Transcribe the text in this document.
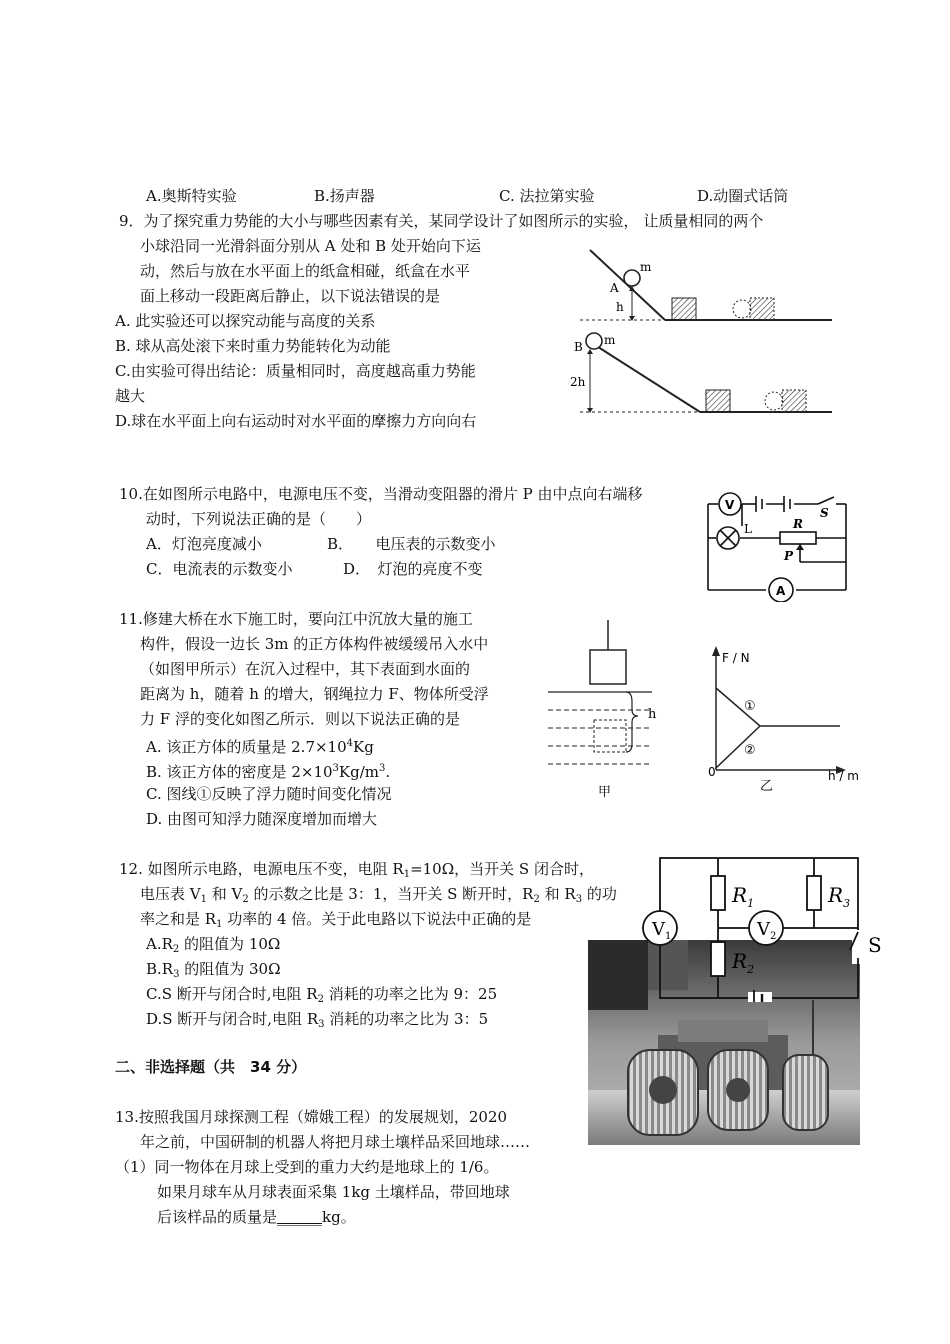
A.奥斯特实验	B.扬声器	C. 法拉第实验	D.动圈式话筒
9．为了探究重力势能的大小与哪些因素有关，某同学设计了如图所示的实验， 让质量相同的两个
小球沿同一光滑斜面分别从 A 处和 B 处开始向下运
动，然后与放在水平面上的纸盒相碰，纸盒在水平
面上移动一段距离后静止，以下说法错误的是
A. 此实验还可以探究动能与高度的关系
B. 球从高处滚下来时重力势能转化为动能
C.由实验可得出结论：质量相同时，高度越高重力势能
越大
D.球在水平面上向右运动时对水平面的摩擦力方向向右
m
A
h
m
B
2h
10.在如图所示电路中，电源电压不变，当滑动变阻器的滑片 P 由中点向右端移
动时，下列说法正确的是（　　）
A．灯泡亮度减小	B．　　电压表的示数变小
C．电流表的示数变小	D．　灯泡的亮度不变
V
L
S
R
P
A
11.修建大桥在水下施工时，要向江中沉放大量的施工
构件，假设一边长 3m 的正方体构件被缓缓吊入水中
（如图甲所示）在沉入过程中，其下表面到水面的
距离为 h，随着 h 的增大，钢绳拉力 F、物体所受浮
力 F 浮的变化如图乙所示．则以下说法正确的是
A. 该正方体的质量是 $2.7\times 10^4Kg$
B. 该正方体的密度是 $2\times 10^3Kg/m^3$.
C. 图线①反映了浮力随时间变化情况
D. 由图可知浮力随深度增加而增大
h
甲
F / N
h / m
0
①
②
乙
12. 如图所示电路，电源电压不变，电阻 $R_1=10\Omega$，当开关 S 闭合时，
电压表 $V_1$ 和 $V_2$ 的示数之比是 3：1，当开关 S 断开时，$R_2$ 和 $R_3$ 的功
率之和是 $R_1$ 功率的 4 倍。关于此电路以下说法中正确的是
$A.R_2$ 的阻值为 10Ω
$B.R_3$ 的阻值为 30Ω
C.S 断开与闭合时,电阻 $R_2$ 消耗的功率之比为 9：25
D.S 断开与闭合时,电阻 $R_3$ 消耗的功率之比为 3：5
$V_1$	$V_2$	S
$R_1$
$R_2$
$R_3$
二、非选择题（共　34 分）
13.按照我国月球探测工程（嫦娥工程）的发展规划，2020
年之前，中国研制的机器人将把月球土壤样品采回地球……
（1）同一物体在月球上受到的重力大约是地球上的 1/6。
如果月球车从月球表面采集 1kg 土壤样品，带回地球
后该样品的质量是______kg。
